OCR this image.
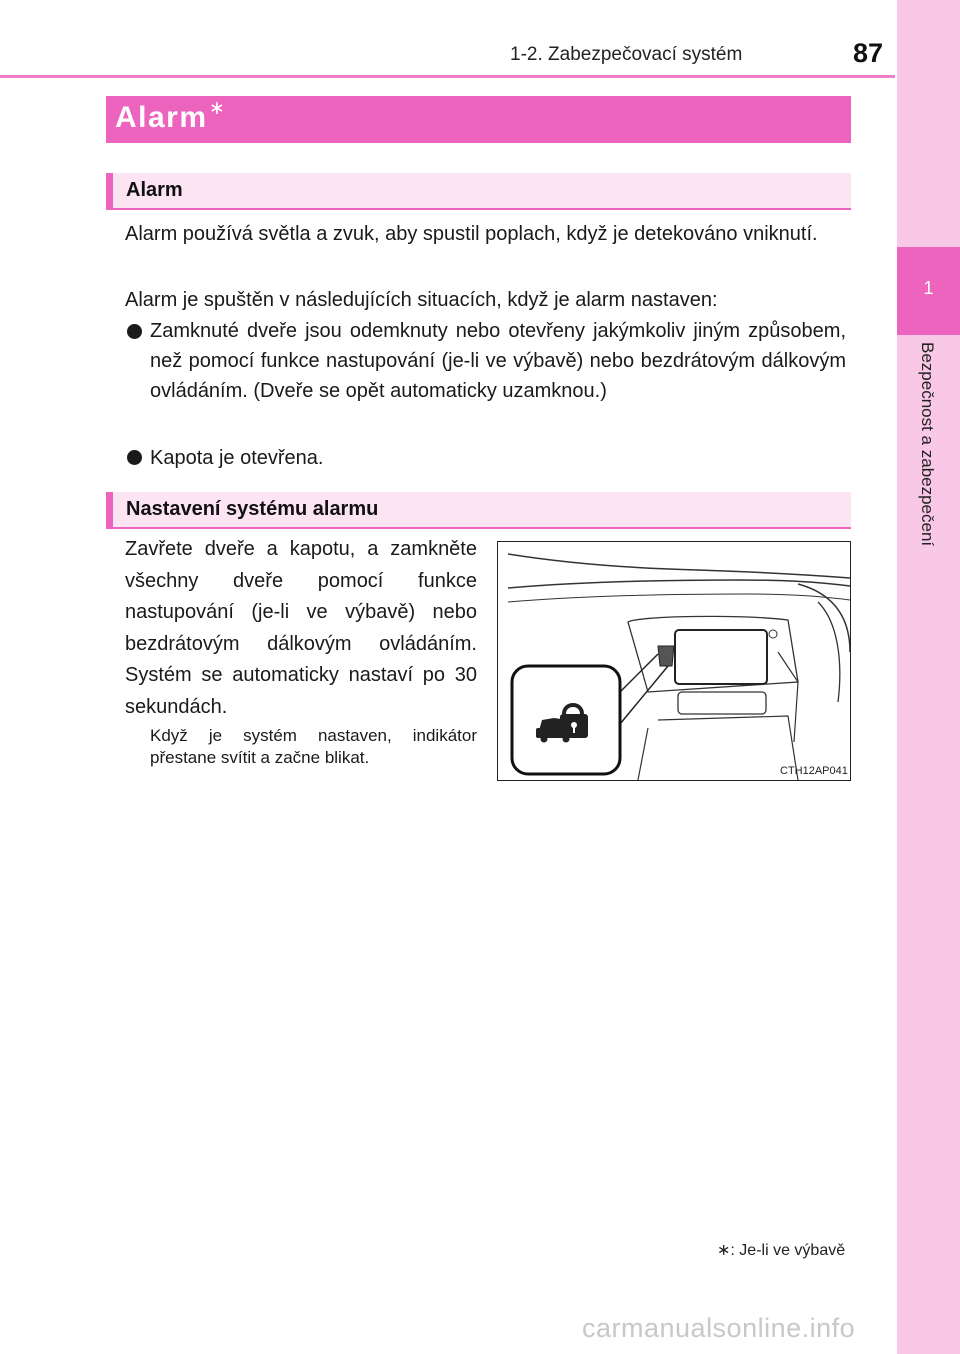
1-2. Zabezpečovací systém	87
1
Bezpečnost a zabezpečení
Alarm ∗
Alarm
Alarm používá světla a zvuk, aby spustil poplach, když je detekováno vniknutí.
Alarm je spuštěn v následujících situacích, když je alarm nastaven:
Zamknuté dveře jsou odemknuty nebo otevřeny jakýmkoliv jiným způsobem, než pomocí funkce nastupování (je-li ve výbavě) nebo bezdrátovým dálkovým ovládáním. (Dveře se opět automaticky uzamknou.)
Kapota je otevřena.
Nastavení systému alarmu
Zavřete dveře a kapotu, a zamkněte všechny dveře pomocí funkce nastupování (je-li ve výbavě) nebo bezdrátovým dálkovým ovládáním. Systém se automaticky nastaví po 30 sekundách.
Když je systém nastaven, indikátor přestane svítit a začne blikat.
CTH12AP041
∗: Je-li ve výbavě
carmanualsonline.info
